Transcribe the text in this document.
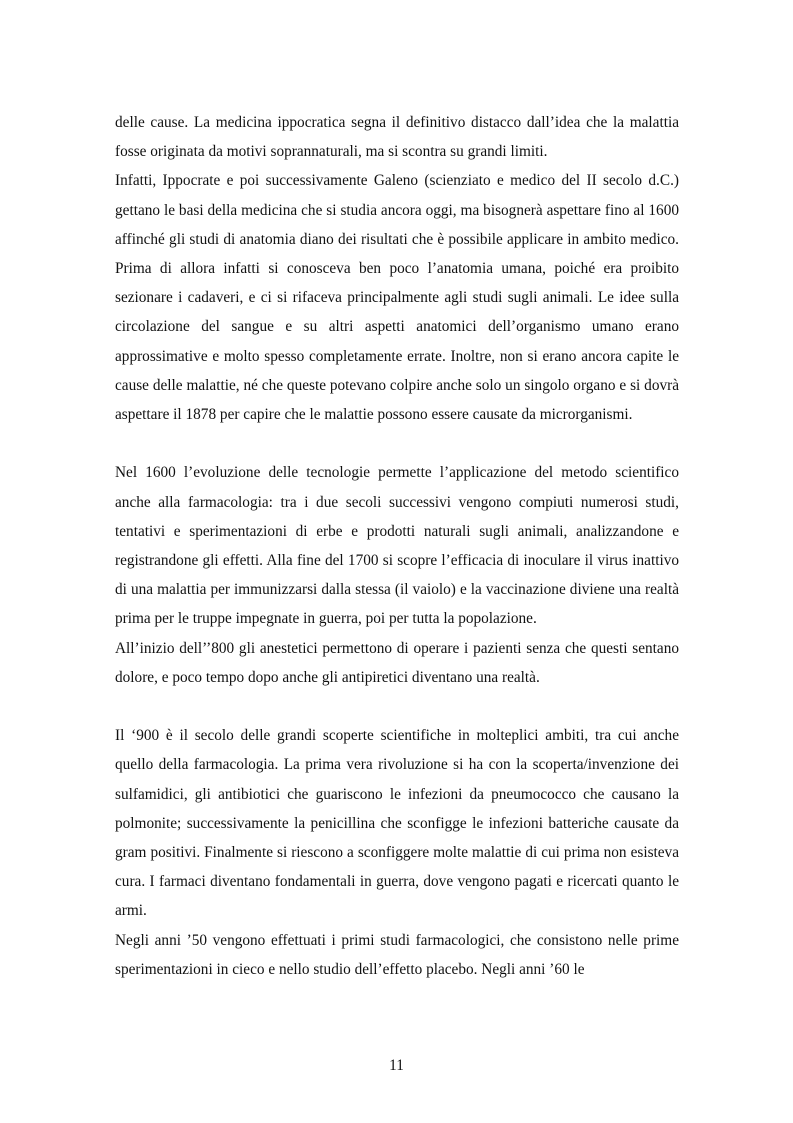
delle cause. La medicina ippocratica segna il definitivo distacco dall’idea che la malattia fosse originata da motivi soprannaturali, ma si scontra su grandi limiti.

Infatti, Ippocrate e poi successivamente Galeno (scienziato e medico del II secolo d.C.) gettano le basi della medicina che si studia ancora oggi, ma bisognerà aspettare fino al 1600 affinché gli studi di anatomia diano dei risultati che è possibile applicare in ambito medico. Prima di allora infatti si conosceva ben poco l’anatomia umana, poiché era proibito sezionare i cadaveri, e ci si rifaceva principalmente agli studi sugli animali. Le idee sulla circolazione del sangue e su altri aspetti anatomici dell’organismo umano erano approssimative e molto spesso completamente errate. Inoltre, non si erano ancora capite le cause delle malattie, né che queste potevano colpire anche solo un singolo organo e si dovrà aspettare il 1878 per capire che le malattie possono essere causate da microrganismi.

Nel 1600 l’evoluzione delle tecnologie permette l’applicazione del metodo scientifico anche alla farmacologia: tra i due secoli successivi vengono compiuti numerosi studi, tentativi e sperimentazioni di erbe e prodotti naturali sugli animali, analizzandone e registrandone gli effetti. Alla fine del 1700 si scopre l’efficacia di inoculare il virus inattivo di una malattia per immunizzarsi dalla stessa (il vaiolo) e la vaccinazione diviene una realtà prima per le truppe impegnate in guerra, poi per tutta la popolazione.

All’inizio dell’’800 gli anestetici permettono di operare i pazienti senza che questi sentano dolore, e poco tempo dopo anche gli antipiretici diventano una realtà.

Il ‘900 è il secolo delle grandi scoperte scientifiche in molteplici ambiti, tra cui anche quello della farmacologia. La prima vera rivoluzione si ha con la scoperta/invenzione dei sulfamidici, gli antibiotici che guariscono le infezioni da pneumococco che causano la polmonite; successivamente la penicillina che sconfigge le infezioni batteriche causate da gram positivi. Finalmente si riescono a sconfiggere molte malattie di cui prima non esisteva cura. I farmaci diventano fondamentali in guerra, dove vengono pagati e ricercati quanto le armi.

Negli anni ’50 vengono effettuati i primi studi farmacologici, che consistono nelle prime sperimentazioni in cieco e nello studio dell’effetto placebo. Negli anni ’60 le

11
